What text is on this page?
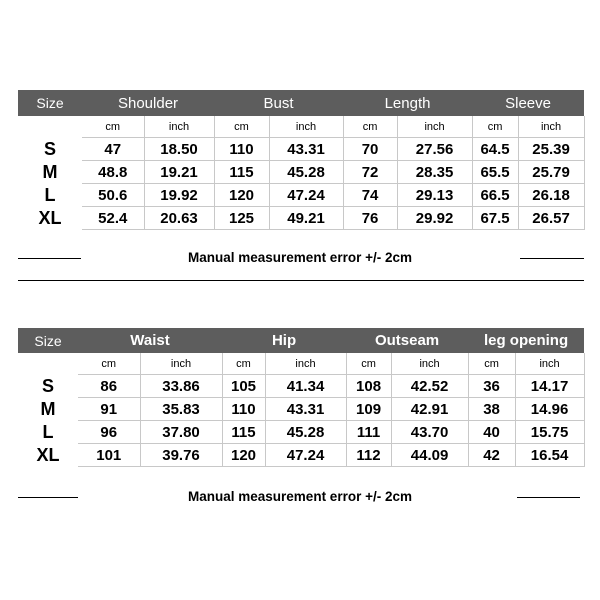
Size	Shoulder		Bust		Length		Sleeve	
	cm	inch	cm	inch	cm	inch	cm	inch
S	47	18.50	110	43.31	70	27.56	64.5	25.39
M	48.8	19.21	115	45.28	72	28.35	65.5	25.79
L	50.6	19.92	120	47.24	74	29.13	66.5	26.18
XL	52.4	20.63	125	49.21	76	29.92	67.5	26.57
Manual measurement error +/- 2cm
Size	Waist		Hip		Outseam		leg opening	
	cm	inch	cm	inch	cm	inch	cm	inch
S	86	33.86	105	41.34	108	42.52	36	14.17
M	91	35.83	110	43.31	109	42.91	38	14.96
L	96	37.80	115	45.28	111	43.70	40	15.75
XL	101	39.76	120	47.24	112	44.09	42	16.54
Manual measurement error +/- 2cm
